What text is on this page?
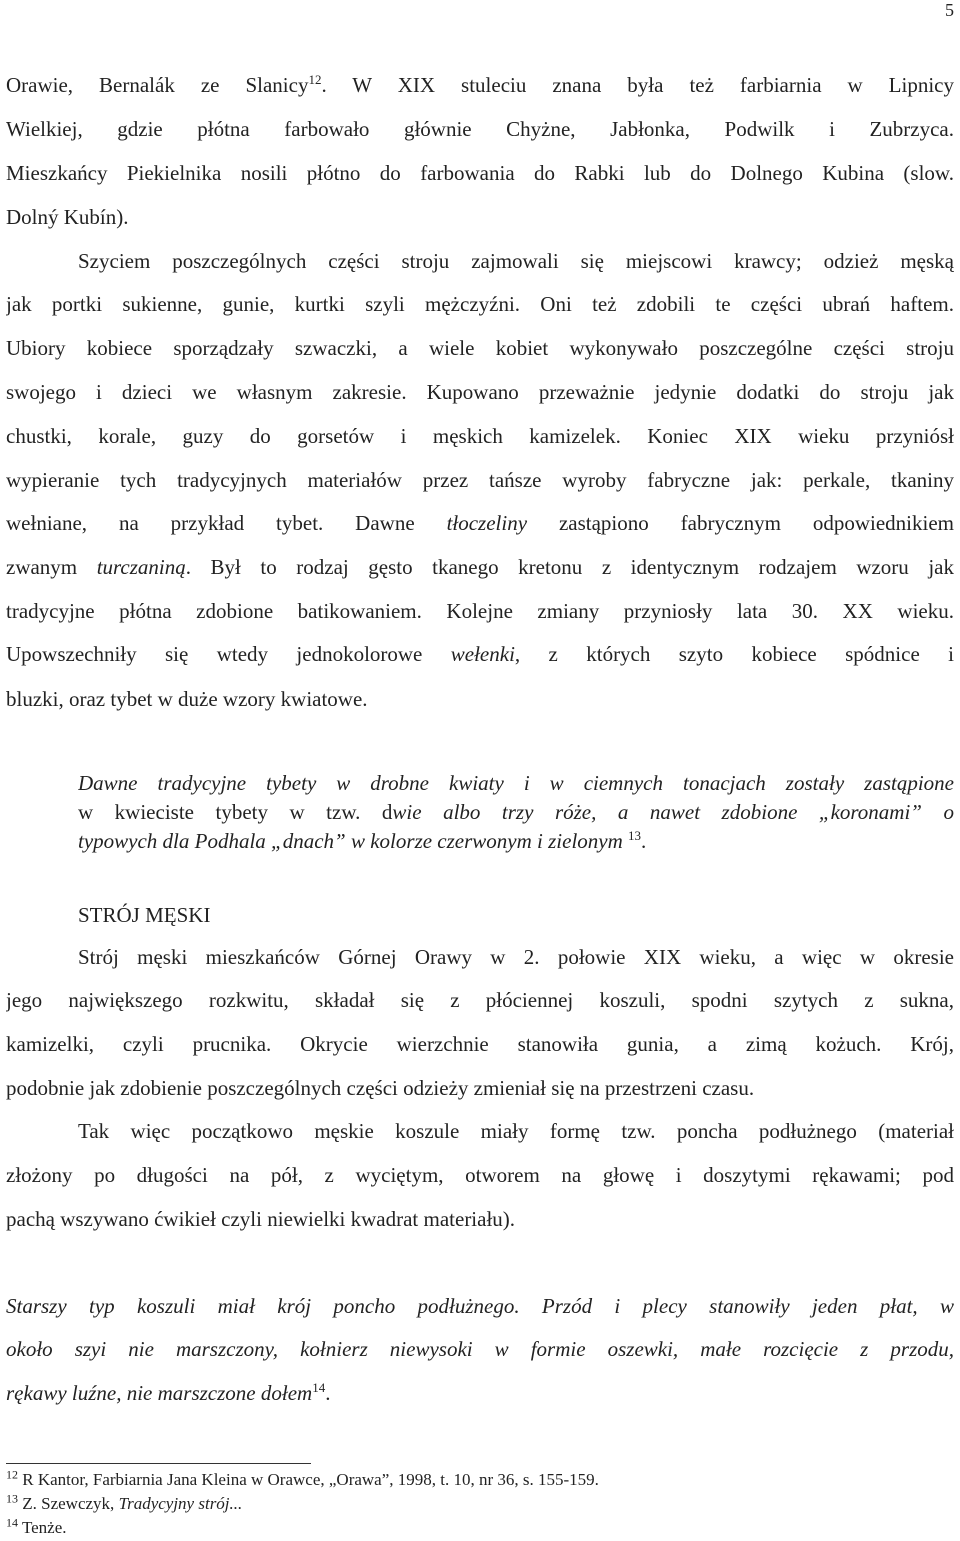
5
Orawie, Bernalák ze Slanicy$^{12}$. W XIX stuleciu znana była też farbiarnia w Lipnicy
Wielkiej, gdzie płótna farbowało głównie Chyżne, Jabłonka, Podwilk i Zubrzyca.
Mieszkańcy Piekielnika nosili płótno do farbowania do Rabki lub do Dolnego Kubina (slow.
Dolný Kubín).
Szyciem poszczególnych części stroju zajmowali się miejscowi krawcy; odzież męską
jak portki sukienne, gunie, kurtki szyli mężczyźni. Oni też zdobili te części ubrań haftem.
Ubiory kobiece sporządzały szwaczki, a wiele kobiet wykonywało poszczególne części stroju
swojego i dzieci we własnym zakresie. Kupowano przeważnie jedynie dodatki do stroju jak
chustki, korale, guzy do gorsetów i męskich kamizelek. Koniec XIX wieku przyniósł
wypieranie tych tradycyjnych materiałów przez tańsze wyroby fabryczne jak: perkale, tkaniny
wełniane, na przykład tybet. Dawne tłoczeliny zastąpiono fabrycznym odpowiednikiem
zwanym turczaniną. Był to rodzaj gęsto tkanego kretonu z identycznym rodzajem wzoru jak
tradycyjne płótna zdobione batikowaniem. Kolejne zmiany przyniosły lata 30. XX wieku.
Upowszechniły się wtedy jednokolorowe wełenki, z których szyto kobiece spódnice i
bluzki, oraz tybet w duże wzory kwiatowe.
Dawne tradycyjne tybety w drobne kwiaty i w ciemnych tonacjach zostały zastąpione
w kwieciste tybety w tzw. dwie albo trzy róże, a nawet zdobione „koronami” o
typowych dla Podhala „dnach” w kolorze czerwonym i zielonym $^{13}$.
Strój męski mieszkańców Górnej Orawy w 2. połowie XIX wieku, a więc w okresie
jego największego rozkwitu, składał się z płóciennej koszuli, spodni szytych z sukna,
kamizelki, czyli prucnika. Okrycie wierzchnie stanowiła gunia, a zimą kożuch. Krój,
podobnie jak zdobienie poszczególnych części odzieży zmieniał się na przestrzeni czasu.
Tak więc początkowo męskie koszule miały formę tzw. poncha podłużnego (materiał
złożony po długości na pół, z wyciętym, otworem na głowę i doszytymi rękawami; pod
pachą wszywano ćwikieł czyli niewielki kwadrat materiału).
Starszy typ koszuli miał krój poncho podłużnego. Przód i plecy stanowiły jeden płat, w
około szyi nie marszczony, kołnierz niewysoki w formie oszewki, małe rozcięcie z przodu,
rękawy luźne, nie marszczone dołem$^{14}$.
STRÓJ MĘSKI
$^{12}$ R Kantor, Farbiarnia Jana Kleina w Orawce, „Orawa”, 1998, t. 10, nr 36, s. 155-159.
$^{13}$ Z. Szewczyk, Tradycyjny strój...
$^{14}$ Tenże.
